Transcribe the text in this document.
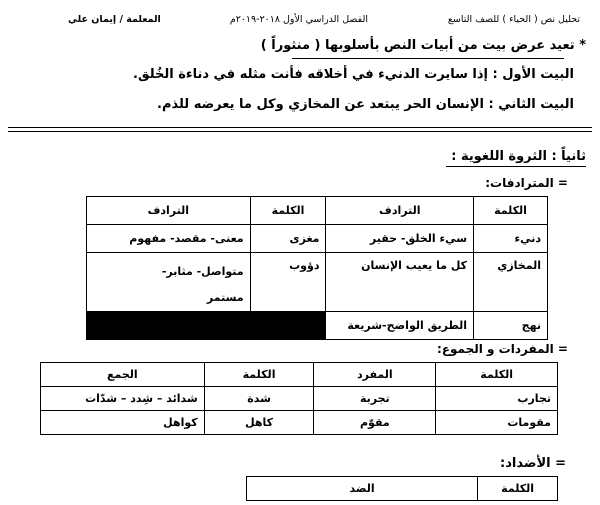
تحليل نص ( الحياء ) للصف التاسع
الفصل الدراسي الأول ٢٠١٨-٢٠١٩م
المعلمة / إيمان علي
* تعيد عرض بيت من أبيات النص بأسلوبها ( منثوراً )
البيت الأول : إذا سايرت الدنيء في أخلاقه فأنت مثله في دناءة الخُلق.
البيت الثاني : الإنسان الحر يبتعد عن المخازي وكل ما يعرضه للذم.
ثانياً : الثروة اللغوية :
= المترادفات:
الكلمة	الترادف	الكلمة	الترادف
دنيء	سيء الخلق- حقير	مغزى	معنى- مقصد- مفهوم
المخازي	كل ما يعيب الإنسان	دؤوب	متواصل- مثابر-
مستمر

نهج	الطريق الواضح-شريعة		
= المفردات و الجموع:
الكلمة	المفرد	الكلمة	الجمع
تجارب	تجربة	شدة	شدائد – شِدد – شدّات
مقومات	مقوّم	كاهل	كواهل
= الأضداد:
الكلمة	الضد
